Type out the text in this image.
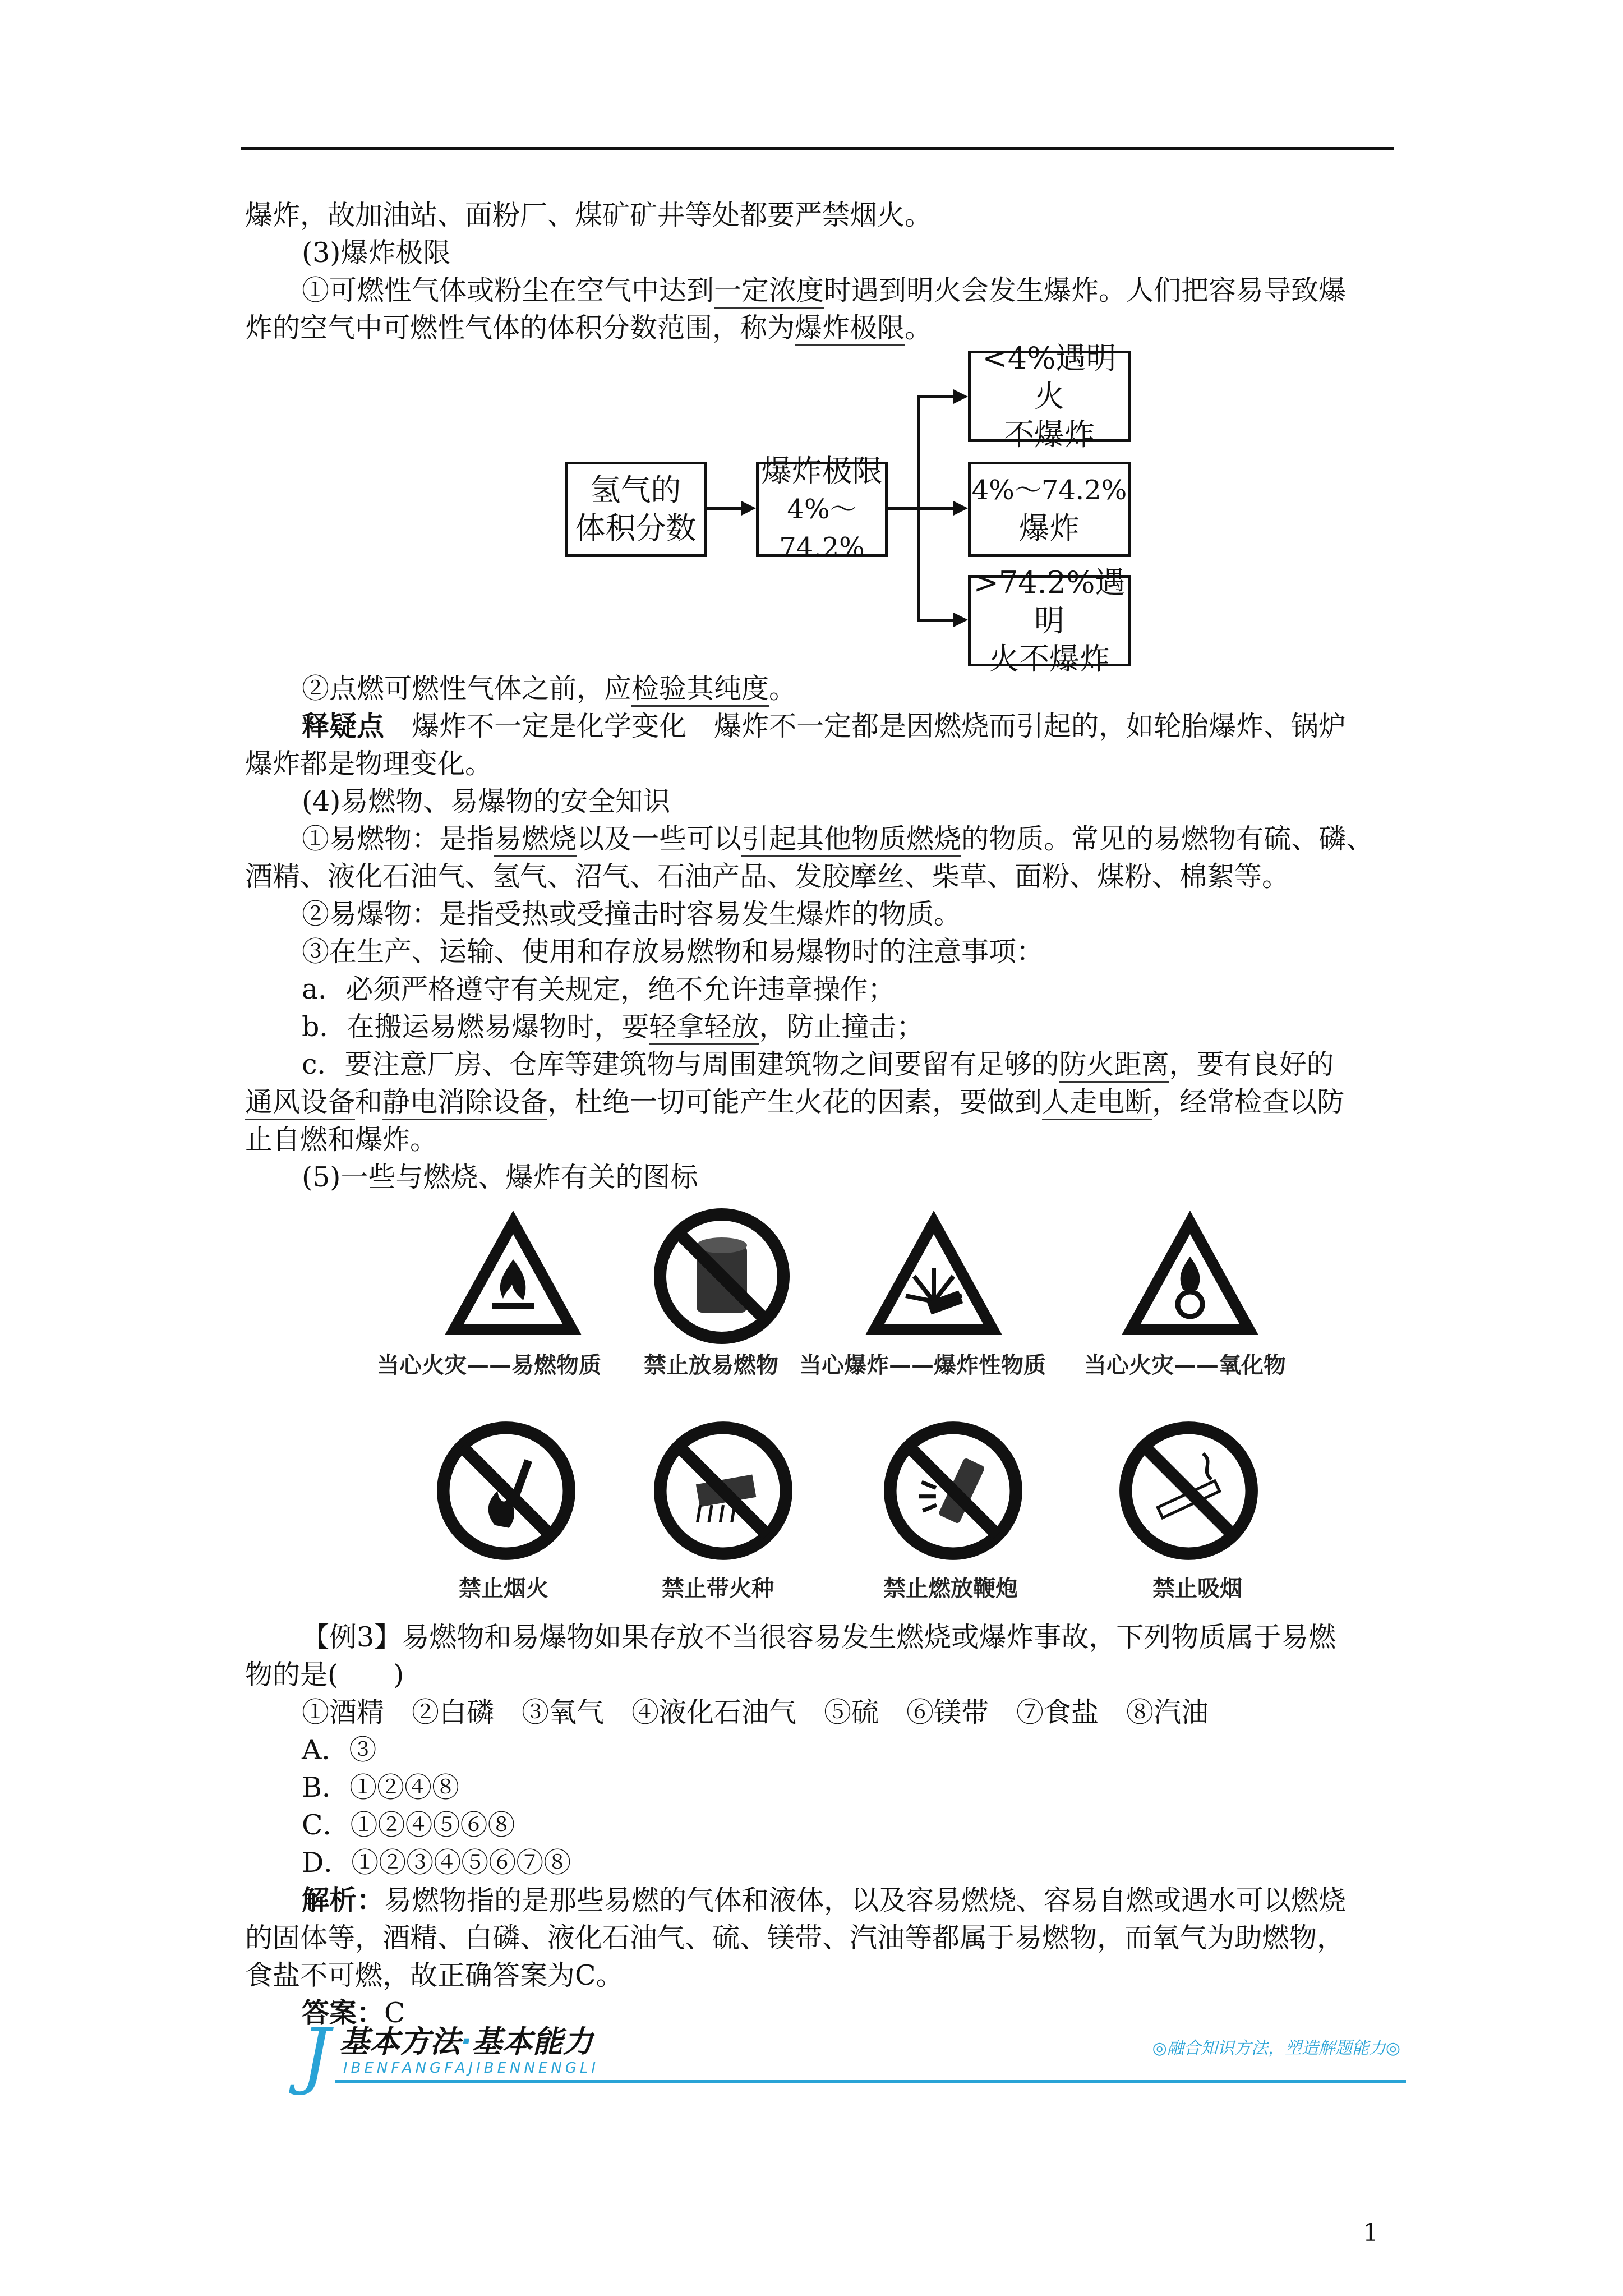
爆炸，故加油站、面粉厂、煤矿矿井等处都要严禁烟火。
(3)爆炸极限
①可燃性气体或粉尘在空气中达到一定浓度时遇到明火会发生爆炸。人们把容易导致爆
炸的空气中可燃性气体的体积分数范围，称为爆炸极限。
氢气的
体积分数
爆炸极限
4%～74.2%
<4%遇明火
不爆炸
4%～74.2%
爆炸
>74.2%遇明
火不爆炸
②点燃可燃性气体之前，应检验其纯度。
释疑点　爆炸不一定是化学变化　爆炸不一定都是因燃烧而引起的，如轮胎爆炸、锅炉
爆炸都是物理变化。
(4)易燃物、易爆物的安全知识
①易燃物：是指易燃烧以及一些可以引起其他物质燃烧的物质。常见的易燃物有硫、磷、
酒精、液化石油气、氢气、沼气、石油产品、发胶摩丝、柴草、面粉、煤粉、棉絮等。
②易爆物：是指受热或受撞击时容易发生爆炸的物质。
③在生产、运输、使用和存放易燃物和易爆物时的注意事项：
a．必须严格遵守有关规定，绝不允许违章操作；
b．在搬运易燃易爆物时，要轻拿轻放，防止撞击；
c．要注意厂房、仓库等建筑物与周围建筑物之间要留有足够的防火距离，要有良好的
通风设备和静电消除设备，杜绝一切可能产生火花的因素，要做到人走电断，经常检查以防
止自燃和爆炸。
(5)一些与燃烧、爆炸有关的图标
当心火灾——易燃物质 禁止放易燃物 当心爆炸——爆炸性物质 当心火灾——氧化物
禁止烟火	禁止带火种	禁止燃放鞭炮	禁止吸烟
【例3】易燃物和易爆物如果存放不当很容易发生燃烧或爆炸事故，下列物质属于易燃
物的是(　　)
①酒精　②白磷　③氧气　④液化石油气　⑤硫　⑥镁带　⑦食盐　⑧汽油
A．③
B．①②④⑧
C．①②④⑤⑥⑧
D．①②③④⑤⑥⑦⑧
解析：易燃物指的是那些易燃的气体和液体，以及容易燃烧、容易自燃或遇水可以燃烧
的固体等，酒精、白磷、液化石油气、硫、镁带、汽油等都属于易燃物，而氧气为助燃物，
食盐不可燃，故正确答案为C。
答案：C
J 基本方法·基本能力
IBENFANGFAJIBENNENGLI
◎融合知识方法，塑造解题能力◎
1
